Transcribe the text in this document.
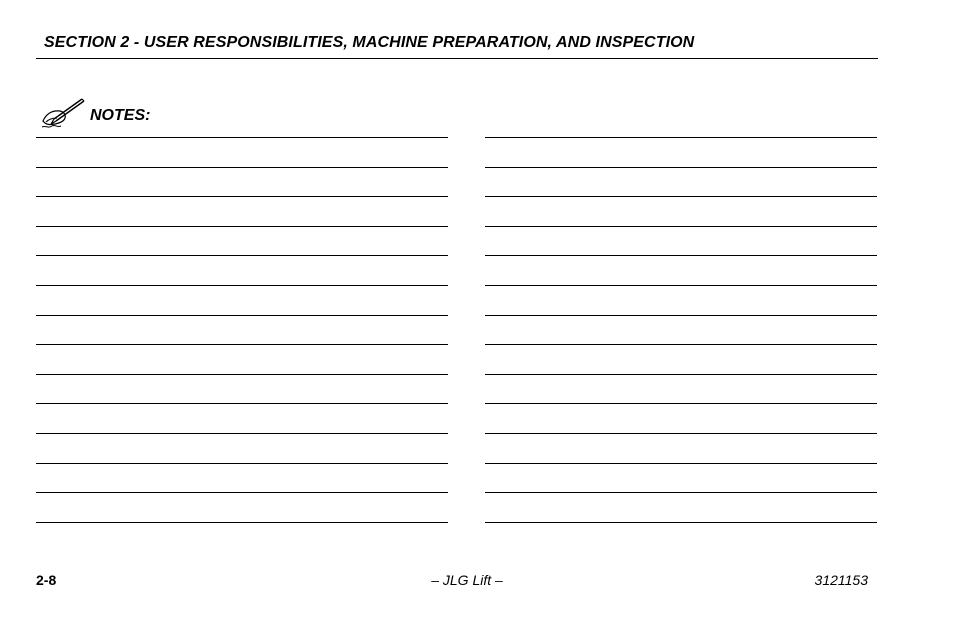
SECTION 2 - USER RESPONSIBILITIES, MACHINE PREPARATION, AND INSPECTION
NOTES:
2-8	– JLG Lift –	3121153
